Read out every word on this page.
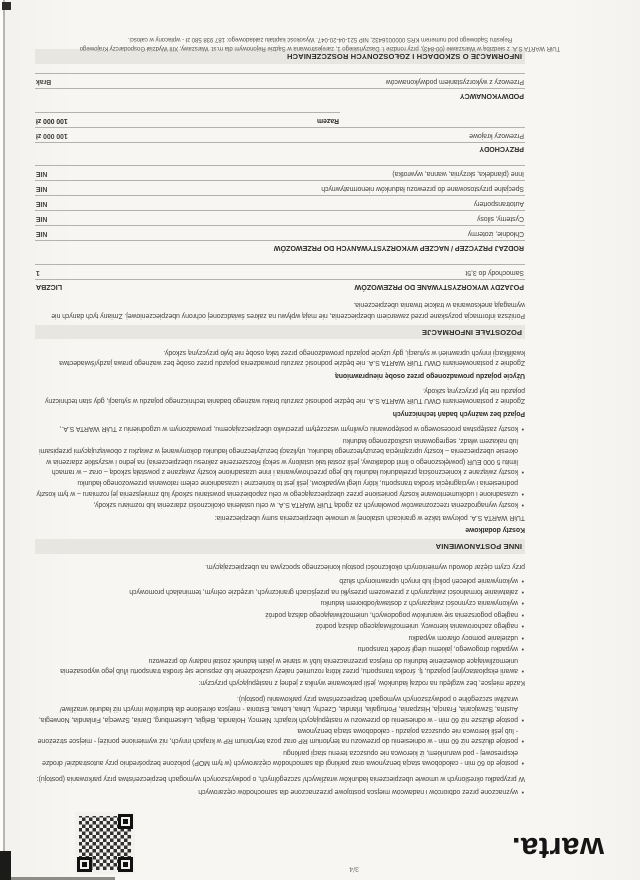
warta.
3/4
• wyznaczone przez odbiorców i nadawców miejsca postojowe przeznaczone dla samochodów ciężarowych

W przypadku określonych w umowie ubezpieczenia ładunków wrażliwych/ szczególnych, o podwyższonych wymogach bezpieczeństwa przy parkowania (postoju):

• postoje do 60 min - całodobowa stacja benzynowa oraz parkingi dla samochodów ciężarowych (w tym MOP) położone bezpośrednio przy autostradzie/ drodze ekspresowej - pod warunkiem, iż kierowca nie opuszcza terenu stacji parkingu
• postoje dłuższe niż 60 min - w odniesieniu do przewozu na terytorium RP oraz poza terytorium RP w krajach innych, niż wymienione poniżej - miejsce strzeżone - lub jeśli kierowca nie opuszcza pojazdu - całodobowa stacja benzynowa
• postoje dłuższe niż 60 min - w odniesieniu do przewozu w następujących krajach: Niemcy, Holandia, Belgia, Luksemburg, Dania, Szwecja, Finlandia, Norwegia, Austria, Szwajcaria, Francja, Hiszpania, Portugalia, Irlandia, Czechy, Litwa, Łotwa, Estonia - miejsca określone dla ładunków innych niż ładunki wrażliwe/ wrażliwi szczególne o podwyższonych wymogach bezpieczeństwa przy parkowaniu (postoju).

Każde miejsce, bez względu na rodzaj ładunków, jeśli parkowanie wynika z jednej z następujących przyczyn:

• awarii eksploatacyjnej pojazdu, tj. środka transportu, przez którą rozumieć należy uszkodzenie lub zepsucie się środka transportu i/lub jego wyposażenia uniemożliwiające dowiezienie ładunku do miejsca przeznaczenia lub/i w stanie w jakim ładunek został nadany do przewozu
• wypadku drogowego, jakiemu uległ środek transportu
• udzielanie pomocy ofiarom wypadku
• nagłego zachorowania kierowcy, uniemożliwiającego dalszą podróż
• nagłego pogorszenia się warunków pogodowych, uniemożliwiającego dalszą podróż
• wykonywania czynności związanych z dostawą/odbiorem ładunku
• załatwianie formalności związanych z przewozem przesyłki na przejściach granicznych, urzędzie celnym, terminalach promowych
• wykonywanie poleceń policji lub innych uprawnionych służb

przy czym ciężar dowodu wymienionych okoliczności postoju koniecznego spoczywa na ubezpieczającym.

INNE POSTANOWIENIA

Koszty dodatkowe

TUiR WARTA S.A. pokrywa także w granicach ustalonej w umowie ubezpieczenia sumy ubezpieczenia:

• koszty wynagrodzenia rzeczoznawców powołanych za zgodą TUiR WARTA S.A. w celu ustalenia okoliczności zdarzenia lub rozmiaru szkody,
• uzasadnione i udokumentowane koszty poniesione przez ubezpieczającego w celu zapobieżenia powstaniu szkody lub zmniejszenia jej rozmiaru – w tym koszty podniesienia i wyciągnięcia środka transportu, który uległ wypadkowi, jeśli jest to konieczne i uzasadnione celem ratowania przewożonego ładunku
• koszty związane z koniecznością przeładunku ładunku lub jego przechowywania i inne uzasadnione koszty związane z powstałą szkodą – oraz – w ramach limitu 5 000 EUR (powiększonego o limit dodatkowy, jeśli został taki ustalony w sekcji Rozszerzenie zakresu ubezpieczenia) na jedno i wszystkie zdarzenia w okresie ubezpieczenia – koszty uprzątnięcia bezużytecznego ładunku, utylizacji bezużytecznego ładunku dokonywanej w związku z obowiązującymi przepisami lub nakazem władz, segregowania uszkodzonego ładunku
• koszty zastępstwa procesowego w postępowaniu cywilnym wszczętym przeciwko ubezpieczającemu, prowadzonym w uzgodnieniu z TUiR WARTA S.A.,

Pojazd bez ważnych badań technicznych

Zgodnie z postanowieniami OWU TUiR WARTA S.A. nie będzie podnosić zarzutu braku ważnego badania technicznego pojazdu w sytuacji, gdy stan techniczny pojazdu nie był przyczyną szkody.

Użycie pojazdu prowadzonego przez osobę nieuprawnioną

Zgodnie z postanowieniami OWU TUiR WARTA S.A. nie będzie podnosić zarzutu prowadzenia pojazdu przez osobę bez ważnego prawa jazdy/świadectwa kwalifikacji innych uprawnień w sytuacji, gdy użycie pojazdu prowadzonego przez taką osobę nie było przyczyną szkody.

POZOSTAŁE INFORMACJE

Poniższa informacja pozyskane przed zawarciem ubezpieczenia, nie mają wpływu na zakres świadczonej ochrony ubezpieczeniowej. Zmiany tych danych nie wymagają aneksowania w trakcie trwania ubezpieczenia.

POJAZDY WYKORZYSTYWANE DO PRZEWOZÓW
LICZBA
Samochody do 3,5t
1
RODZAJ PRZYCZEP / NACZEP WYKORZYSTYWANYCH DO PRZEWOZÓW
Chłodnie, izotermy
NIE
Cysterny, silosy
NIE
Autotransportery
NIE
Specjalne przystosowane do przewozu ładunków nienormatywnych
NIE
Inne (plandeka, skrzynia, wanna, wywrotka)
NIE
PRZYCHODY
Przewozy krajowe
100 000 zł
Razem
100 000 zł
PODWYKONAWCY
Przewozy z wykorzystaniem podwykonawców
Brak
INFORMACJE O SZKODACH I ZGŁOSZONYCH ROSZCZENIACH
TUiR WARTA S.A. z siedzibą w Warszawie (00-843), przy rondzie I. Daszyńskiego 1, zarejestrowana w Sądzie Rejonowym dla m.st. Warszawy, XIII Wydział Gospodarczy Krajowego
Rejestru Sądowego pod numerem KRS 0000016432, NIP 521-04-20-047. Wysokość kapitału zakładowego: 187 938 580 zł - wpłacony w całości.
